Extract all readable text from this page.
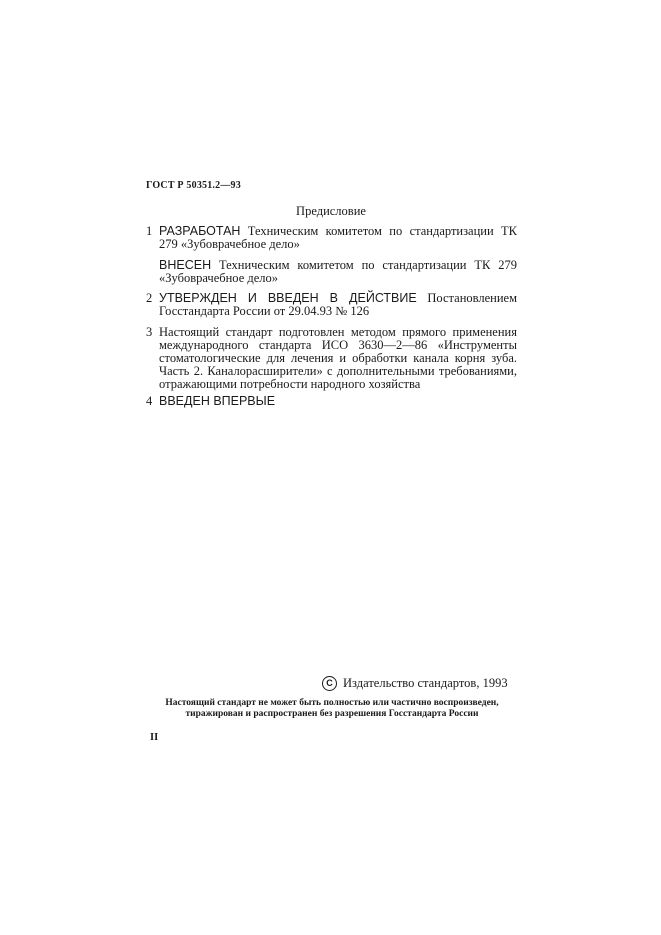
ГОСТ Р 50351.2—93
Предисловие
1 РАЗРАБОТАН Техническим комитетом по стандартизации ТК 279 «Зубоврачебное дело»
ВНЕСЕН Техническим комитетом по стандартизации ТК 279 «Зубоврачебное дело»
2 УТВЕРЖДЕН И ВВЕДЕН В ДЕЙСТВИЕ Постановлением Госстандарта России от 29.04.93 № 126
3 Настоящий стандарт подготовлен методом прямого применения международного стандарта ИСО 3630—2—86 «Инструменты стоматологические для лечения и обработки канала корня зуба. Часть 2. Каналорасширители» с дополнительными требованиями, отражающими потребности народного хозяйства
4 ВВЕДЕН ВПЕРВЫЕ
C Издательство стандартов, 1993
Настоящий стандарт не может быть полностью или частично воспроизведен, тиражирован и распространен без разрешения Госстандарта России
II
